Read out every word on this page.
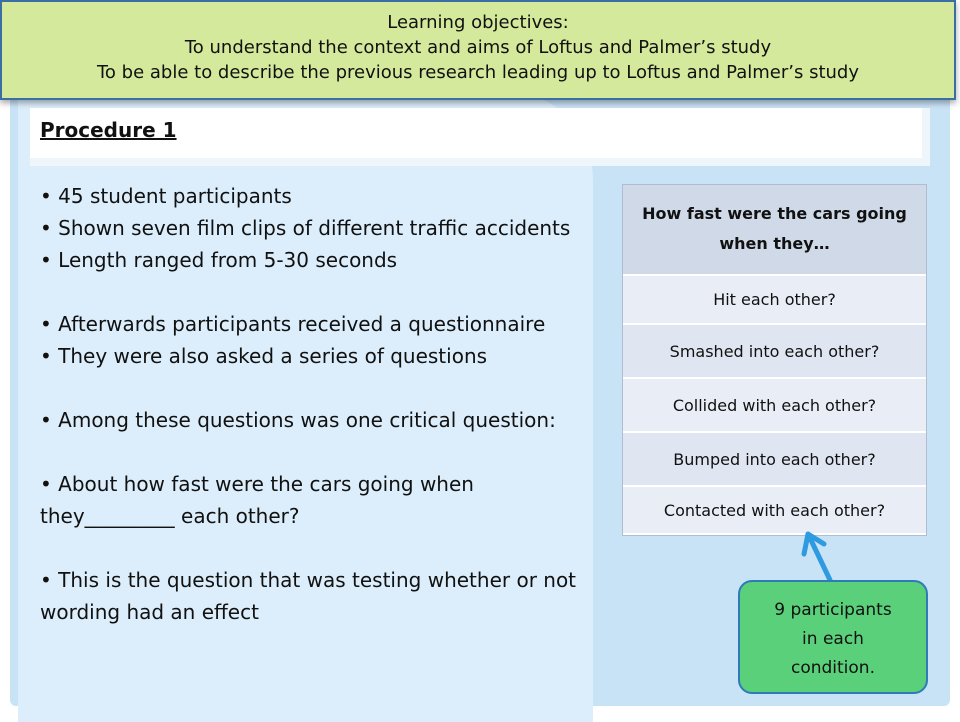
Learning objectives:
To understand the context and aims of Loftus and Palmer’s study
To be able to describe the previous research leading up to Loftus and Palmer’s study
Procedure 1

• 45 student participants

• Shown seven film clips of different traffic accidents

• Length ranged from 5-30 seconds

• Afterwards participants received a questionnaire

• They were also asked a series of questions

• Among these questions was one critical question:

• About how fast were the cars going when they_________ each other?

• This is the question that was testing whether or not wording had an effect

How fast were the cars going when they…
Hit each other?
Smashed into each other?
Collided with each other?
Bumped into each other?
Contacted with each other?
9 participants
in each
condition.
